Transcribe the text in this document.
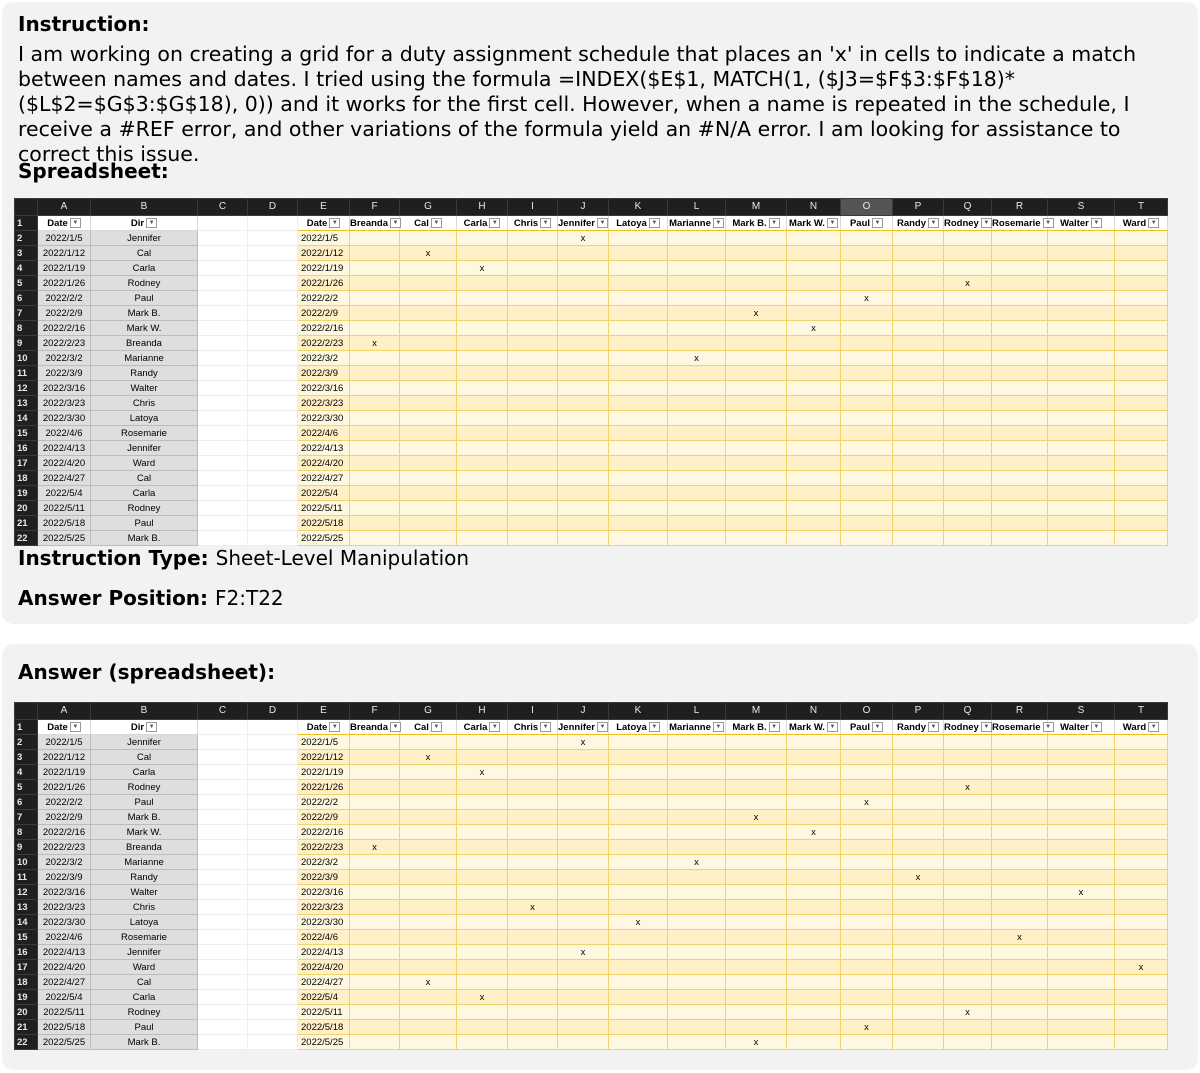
Instruction:
I am working on creating a grid for a duty assignment schedule that places an 'x' in cells to indicate a match between names and dates. I tried using the formula =INDEX($E$1, MATCH(1, ($J3=$F$3:$F$18)*($L$2=$G$3:$G$18), 0)) and it works for the first cell. However, when a name is repeated in the schedule, I receive a #REF error, and other variations of the formula yield an #N/A error. I am looking for assistance to correct this issue.
Spreadsheet:
	A	B	C	D	E	F	G	H	I	J	K	L	M	N	O	P	Q	R	S	T
1	Date ▼	Dir ▼			Date ▼	Breanda ▼	Cal ▼	Carla ▼	Chris ▼	Jennifer ▼	Latoya ▼	Marianne ▼	Mark B. ▼	Mark W. ▼	Paul ▼	Randy ▼	Rodney ▼	Rosemarie ▼	Walter ▼	Ward ▼
2	2022/1/5	Jennifer			2022/1/5					x										
3	2022/1/12	Cal			2022/1/12		x													
4	2022/1/19	Carla			2022/1/19			x												
5	2022/1/26	Rodney			2022/1/26												x			
6	2022/2/2	Paul			2022/2/2										x					
7	2022/2/9	Mark B.			2022/2/9								x							
8	2022/2/16	Mark W.			2022/2/16									x						
9	2022/2/23	Breanda			2022/2/23	x														
10	2022/3/2	Marianne			2022/3/2							x								
11	2022/3/9	Randy			2022/3/9															
12	2022/3/16	Walter			2022/3/16															
13	2022/3/23	Chris			2022/3/23															
14	2022/3/30	Latoya			2022/3/30															
15	2022/4/6	Rosemarie			2022/4/6															
16	2022/4/13	Jennifer			2022/4/13															
17	2022/4/20	Ward			2022/4/20															
18	2022/4/27	Cal			2022/4/27															
19	2022/5/4	Carla			2022/5/4															
20	2022/5/11	Rodney			2022/5/11															
21	2022/5/18	Paul			2022/5/18															
22	2022/5/25	Mark B.			2022/5/25															
Instruction Type: Sheet-Level Manipulation
Answer Position: F2:T22
Answer (spreadsheet):
	A	B	C	D	E	F	G	H	I	J	K	L	M	N	O	P	Q	R	S	T
1	Date ▼	Dir ▼			Date ▼	Breanda ▼	Cal ▼	Carla ▼	Chris ▼	Jennifer ▼	Latoya ▼	Marianne ▼	Mark B. ▼	Mark W. ▼	Paul ▼	Randy ▼	Rodney ▼	Rosemarie ▼	Walter ▼	Ward ▼
2	2022/1/5	Jennifer			2022/1/5					x										
3	2022/1/12	Cal			2022/1/12		x													
4	2022/1/19	Carla			2022/1/19			x												
5	2022/1/26	Rodney			2022/1/26												x			
6	2022/2/2	Paul			2022/2/2										x					
7	2022/2/9	Mark B.			2022/2/9								x							
8	2022/2/16	Mark W.			2022/2/16									x						
9	2022/2/23	Breanda			2022/2/23	x														
10	2022/3/2	Marianne			2022/3/2							x								
11	2022/3/9	Randy			2022/3/9											x				
12	2022/3/16	Walter			2022/3/16														x	
13	2022/3/23	Chris			2022/3/23				x											
14	2022/3/30	Latoya			2022/3/30						x									
15	2022/4/6	Rosemarie			2022/4/6													x		
16	2022/4/13	Jennifer			2022/4/13					x										
17	2022/4/20	Ward			2022/4/20															x
18	2022/4/27	Cal			2022/4/27		x													
19	2022/5/4	Carla			2022/5/4			x												
20	2022/5/11	Rodney			2022/5/11												x			
21	2022/5/18	Paul			2022/5/18										x					
22	2022/5/25	Mark B.			2022/5/25								x							
